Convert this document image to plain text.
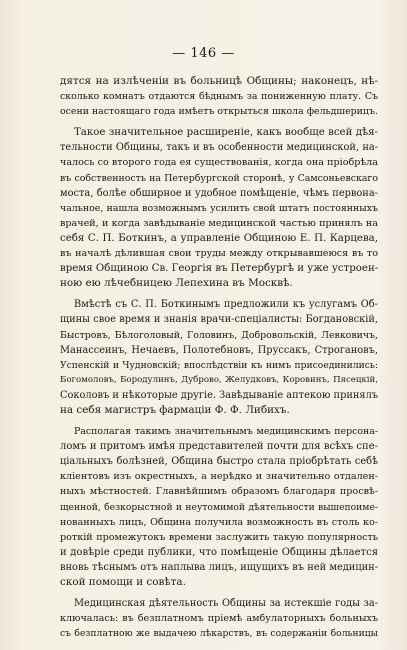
— 146 —

дятся на излѣченіи въ больницѣ Общины; наконецъ, нѣ-
сколько комнатъ отдаются бѣднымъ за пониженную плату. Съ
осени настоящаго года имѣетъ открыться школа фельдшерицъ.

Такое значительное расширеніе, какъ вообще всей дѣя-
тельности Общины, такъ и въ особенности медицинской, на-
чалось со второго года ея существованія, когда она пріобрѣла
въ собственность на Петербургской сторонѣ, у Самсоньевскаго
моста, болѣе обширное и удобное помѣщеніе, чѣмъ первона-
чальное, нашла возможнымъ усилить свой штатъ постоянныхъ
врачей, и когда завѣдываніе медицинской частью принялъ на
себя С. П. Боткинъ, а управленіе Общиною Е. П. Карцева,
въ началѣ дѣлившая свои труды между открывавшеюся въ то
время Общиною Св. Георгія въ Петербургѣ и уже устроен-
ною ею лѣчебницею Лепехина въ Москвѣ.

Вмѣстѣ съ С. П. Боткинымъ предложили къ услугамъ Об-
щины свое время и знанія врачи-спеціалисты: Богдановскій,
Быстровъ, Бѣлоголовый, Головинъ, Добровольскій, Левковичъ,
Манассеинъ, Нечаевъ, Полотебновъ, Пруссакъ, Строгановъ,
Успенскій и Чудновскій; впослѣдствіи къ нимъ присоединились:
Богомоловъ, Бородулинъ, Дуброво, Желудковъ, Коровинъ, Пясецкій,
Соколовъ и нѣкоторые другіе. Завѣдываніе аптекою принялъ
на себя магистръ фармаціи Ф. Ф. Либихъ.

Располагая такимъ значительнымъ медицинскимъ персона-
ломъ и притомъ имѣя представителей почти для всѣхъ спе-
ціальныхъ болѣзней, Община быстро стала пріобрѣтать себѣ
кліентовъ изъ окрестныхъ, а нерѣдко и значительно отдален-
ныхъ мѣстностей. Главнѣйшимъ образомъ благодаря просвѣ-
щенной, безкорыстной и неутомимой дѣятельности вышепоиме-
нованныхъ лицъ, Община получила возможность въ столь ко-
роткій промежутокъ времени заслужить такую популярность
и довѣріе среди публики, что помѣщеніе Общины дѣлается
вновь тѣснымъ отъ наплыва лицъ, ищущихъ въ ней медицин-
ской помощи и совѣта.

Медицинская дѣятельность Общины за истекшіе годы за-
ключалась: въ безплатномъ пріемѣ амбулаторныхъ больныхъ
съ безплатною же выдачею лѣкарствъ, въ содержаніи больницы
